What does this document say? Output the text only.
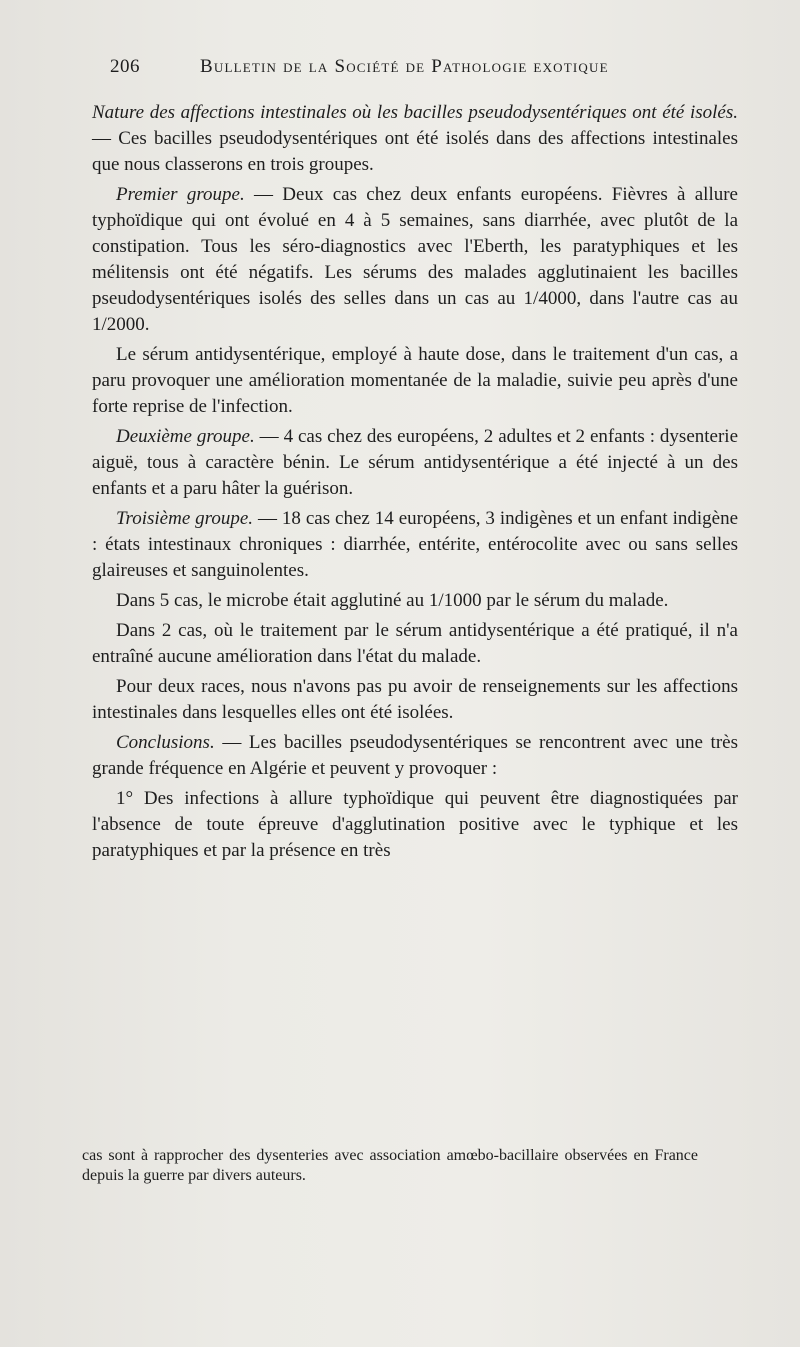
206	Bulletin de la Société de Pathologie exotique

Nature des affections intestinales où les bacilles pseudodysentériques ont été isolés. — Ces bacilles pseudodysentériques ont été isolés dans des affections intestinales que nous classerons en trois groupes.

Premier groupe. — Deux cas chez deux enfants européens. Fièvres à allure typhoïdique qui ont évolué en 4 à 5 semaines, sans diarrhée, avec plutôt de la constipation. Tous les séro-diagnostics avec l'Eberth, les paratyphiques et les mélitensis ont été négatifs. Les sérums des malades agglutinaient les bacilles pseudodysentériques isolés des selles dans un cas au 1/4000, dans l'autre cas au 1/2000.

Le sérum antidysentérique, employé à haute dose, dans le traitement d'un cas, a paru provoquer une amélioration momentanée de la maladie, suivie peu après d'une forte reprise de l'infection.

Deuxième groupe. — 4 cas chez des européens, 2 adultes et 2 enfants : dysenterie aiguë, tous à caractère bénin. Le sérum antidysentérique a été injecté à un des enfants et a paru hâter la guérison.

Troisième groupe. — 18 cas chez 14 européens, 3 indigènes et un enfant indigène : états intestinaux chroniques : diarrhée, entérite, entérocolite avec ou sans selles glaireuses et sanguinolentes.

Dans 5 cas, le microbe était agglutiné au 1/1000 par le sérum du malade.

Dans 2 cas, où le traitement par le sérum antidysentérique a été pratiqué, il n'a entraîné aucune amélioration dans l'état du malade.

Pour deux races, nous n'avons pas pu avoir de renseignements sur les affections intestinales dans lesquelles elles ont été isolées.

Conclusions. — Les bacilles pseudodysentériques se rencontrent avec une très grande fréquence en Algérie et peuvent y provoquer :

1° Des infections à allure typhoïdique qui peuvent être diagnostiquées par l'absence de toute épreuve d'agglutination positive avec le typhique et les paratyphiques et par la présence en très

cas sont à rapprocher des dysenteries avec association amœbo-bacillaire observées en France depuis la guerre par divers auteurs.
